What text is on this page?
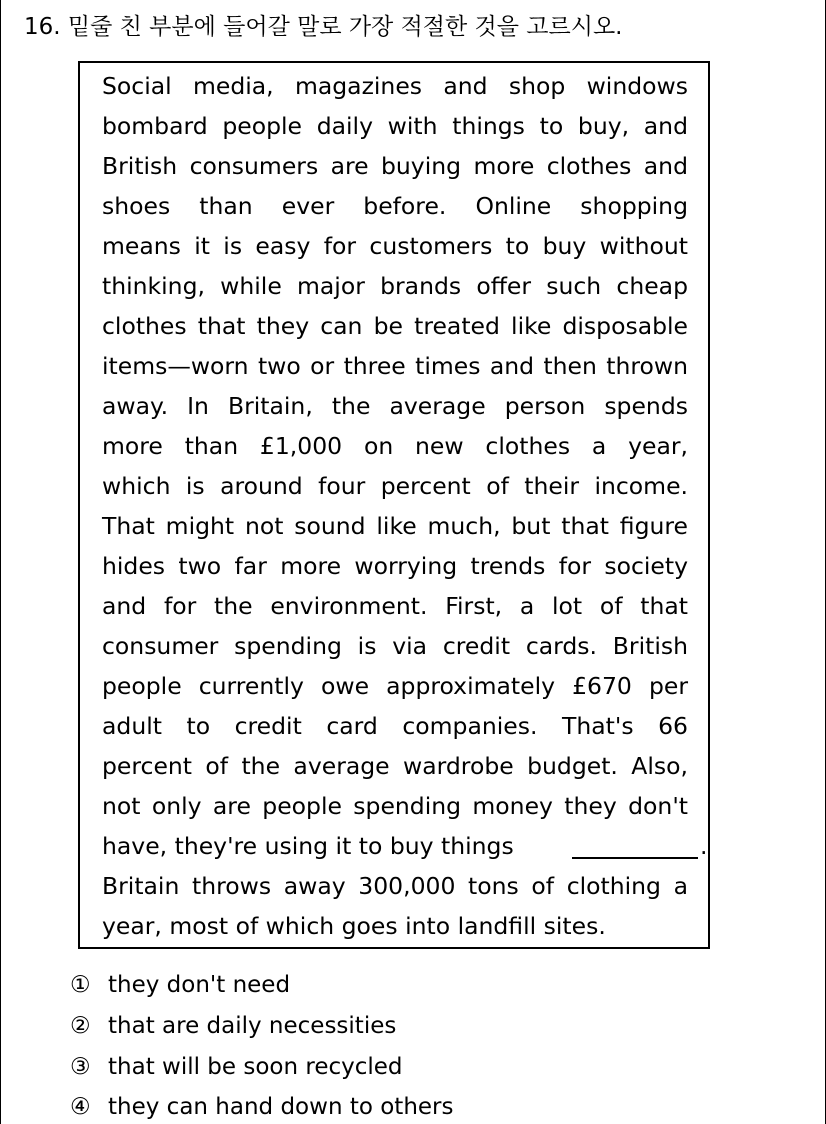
16. 밑줄 친 부분에 들어갈 말로 가장 적절한 것을 고르시오.
Social media, magazines and shop windows
bombard people daily with things to buy, and
British consumers are buying more clothes and
shoes than ever before. Online shopping
means it is easy for customers to buy without
thinking, while major brands offer such cheap
clothes that they can be treated like disposable
items—worn two or three times and then thrown
away. In Britain, the average person spends
more than £1,000 on new clothes a year,
which is around four percent of their income.
That might not sound like much, but that figure
hides two far more worrying trends for society
and for the environment. First, a lot of that
consumer spending is via credit cards. British
people currently owe approximately £670 per
adult to credit card companies. That's 66
percent of the average wardrobe budget. Also,
not only are people spending money they don't
have, they're using it to buy things	.
Britain throws away 300,000 tons of clothing a
year, most of which goes into landfill sites.
① they don't need
② that are daily necessities
③ that will be soon recycled
④ they can hand down to others
